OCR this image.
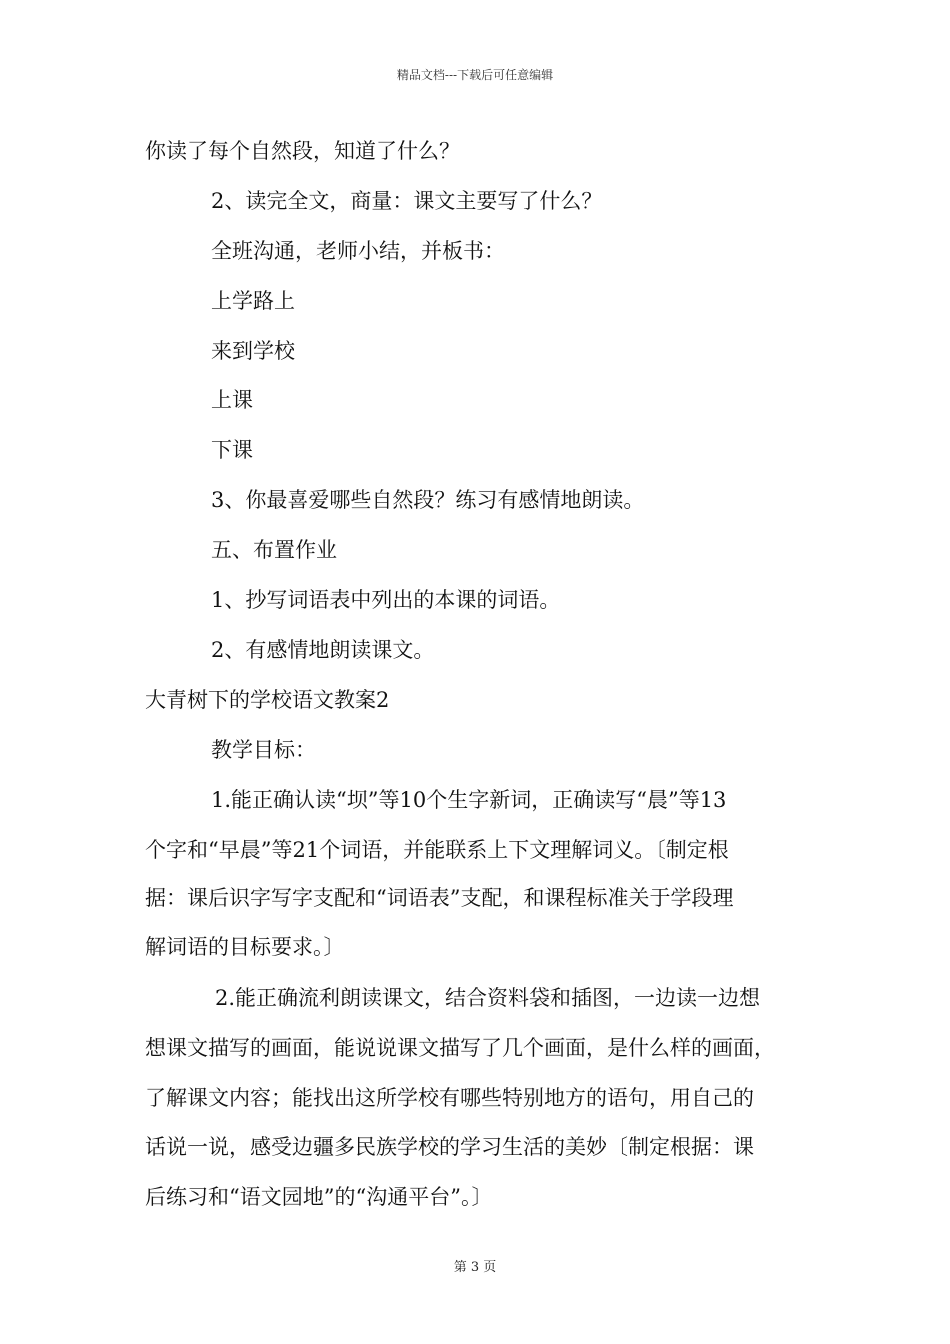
精品文档---下载后可任意编辑
你读了每个自然段，知道了什么？
2、读完全文，商量：课文主要写了什么？
全班沟通，老师小结，并板书：
上学路上
来到学校
上课
下课
3、你最喜爱哪些自然段？练习有感情地朗读。
五、布置作业
1、抄写词语表中列出的本课的词语。
2、有感情地朗读课文。
大青树下的学校语文教案2
教学目标：
1.能正确认读“坝”等10个生字新词，正确读写“晨”等13
个字和“早晨”等21个词语，并能联系上下文理解词义。〔制定根
据：课后识字写字支配和“词语表”支配，和课程标准关于学段理
解词语的目标要求。〕
2.能正确流利朗读课文，结合资料袋和插图，一边读一边想
想课文描写的画面，能说说课文描写了几个画面，是什么样的画面，
了解课文内容；能找出这所学校有哪些特别地方的语句，用自己的
话说一说，感受边疆多民族学校的学习生活的美妙〔制定根据：课
后练习和“语文园地”的“沟通平台”。〕
第 3 页
